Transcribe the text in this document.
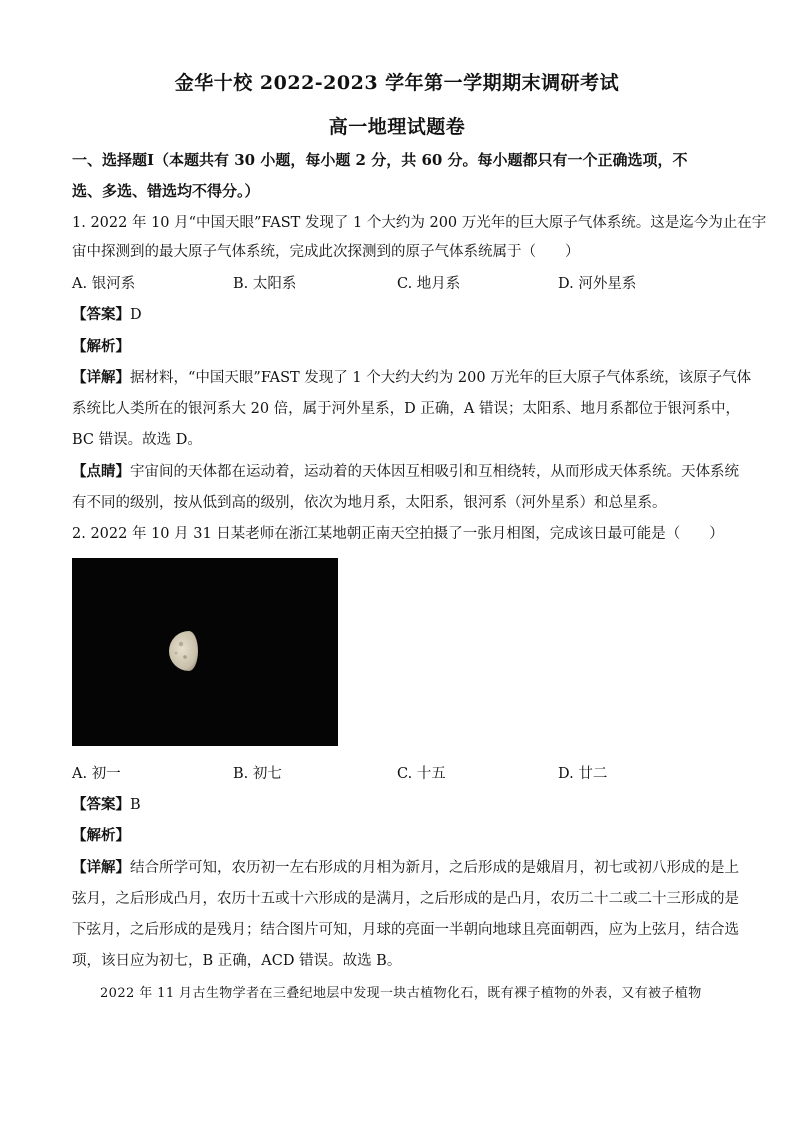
金华十校 2022-2023 学年第一学期期末调研考试
高一地理试题卷
一、选择题Ⅰ（本题共有 30 小题，每小题 2 分，共 60 分。每小题都只有一个正确选项，不
选、多选、错选均不得分。）
1. 2022 年 10 月“中国天眼”FAST 发现了 1 个大约为 200 万光年的巨大原子气体系统。这是迄今为止在宇
宙中探测到的最大原子气体系统，完成此次探测到的原子气体系统属于（　　）
A. 银河系	B. 太阳系	C. 地月系	D. 河外星系
【答案】D
【解析】
【详解】据材料，“中国天眼”FAST 发现了 1 个大约大约为 200 万光年的巨大原子气体系统，该原子气体
系统比人类所在的银河系大 20 倍，属于河外星系，D 正确，A 错误；太阳系、地月系都位于银河系中，
BC 错误。故选 D。
【点睛】宇宙间的天体都在运动着，运动着的天体因互相吸引和互相绕转，从而形成天体系统。天体系统
有不同的级别，按从低到高的级别，依次为地月系，太阳系，银河系（河外星系）和总星系。
2. 2022 年 10 月 31 日某老师在浙江某地朝正南天空拍摄了一张月相图，完成该日最可能是（　　）
A. 初一	B. 初七	C. 十五	D. 廿二
【答案】B
【解析】
【详解】结合所学可知，农历初一左右形成的月相为新月，之后形成的是娥眉月，初七或初八形成的是上
弦月，之后形成凸月，农历十五或十六形成的是满月，之后形成的是凸月，农历二十二或二十三形成的是
下弦月，之后形成的是残月；结合图片可知，月球的亮面一半朝向地球且亮面朝西，应为上弦月，结合选
项，该日应为初七，B 正确，ACD 错误。故选 B。
2022 年 11 月古生物学者在三叠纪地层中发现一块古植物化石，既有裸子植物的外表，又有被子植物
